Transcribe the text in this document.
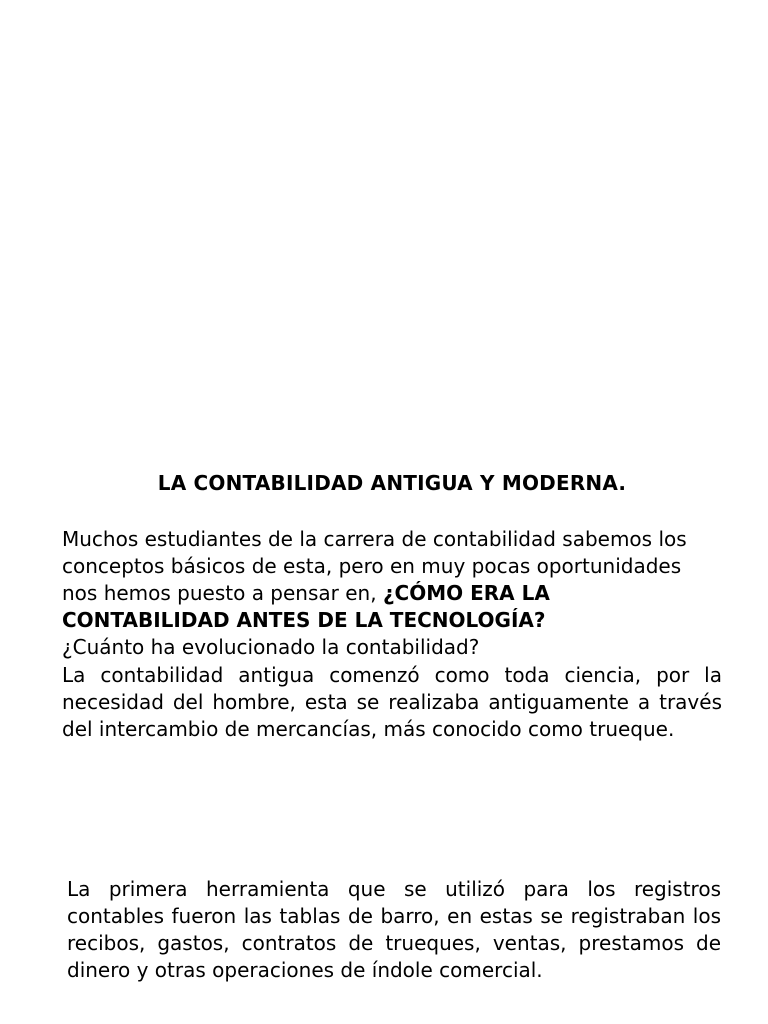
LA CONTABILIDAD ANTIGUA Y MODERNA.
Muchos estudiantes de la carrera de contabilidad sabemos los conceptos básicos de esta, pero en muy pocas oportunidades nos hemos puesto a pensar en, ¿CÓMO ERA LA CONTABILIDAD ANTES DE LA TECNOLOGÍA?
¿Cuánto ha evolucionado la contabilidad?
La contabilidad antigua comenzó como toda ciencia, por la necesidad del hombre, esta se realizaba antiguamente a través del intercambio de mercancías, más conocido como trueque.
La primera herramienta que se utilizó para los registros contables fueron las tablas de barro, en estas se registraban los recibos, gastos, contratos de trueques, ventas, prestamos de dinero y otras operaciones de índole comercial.
